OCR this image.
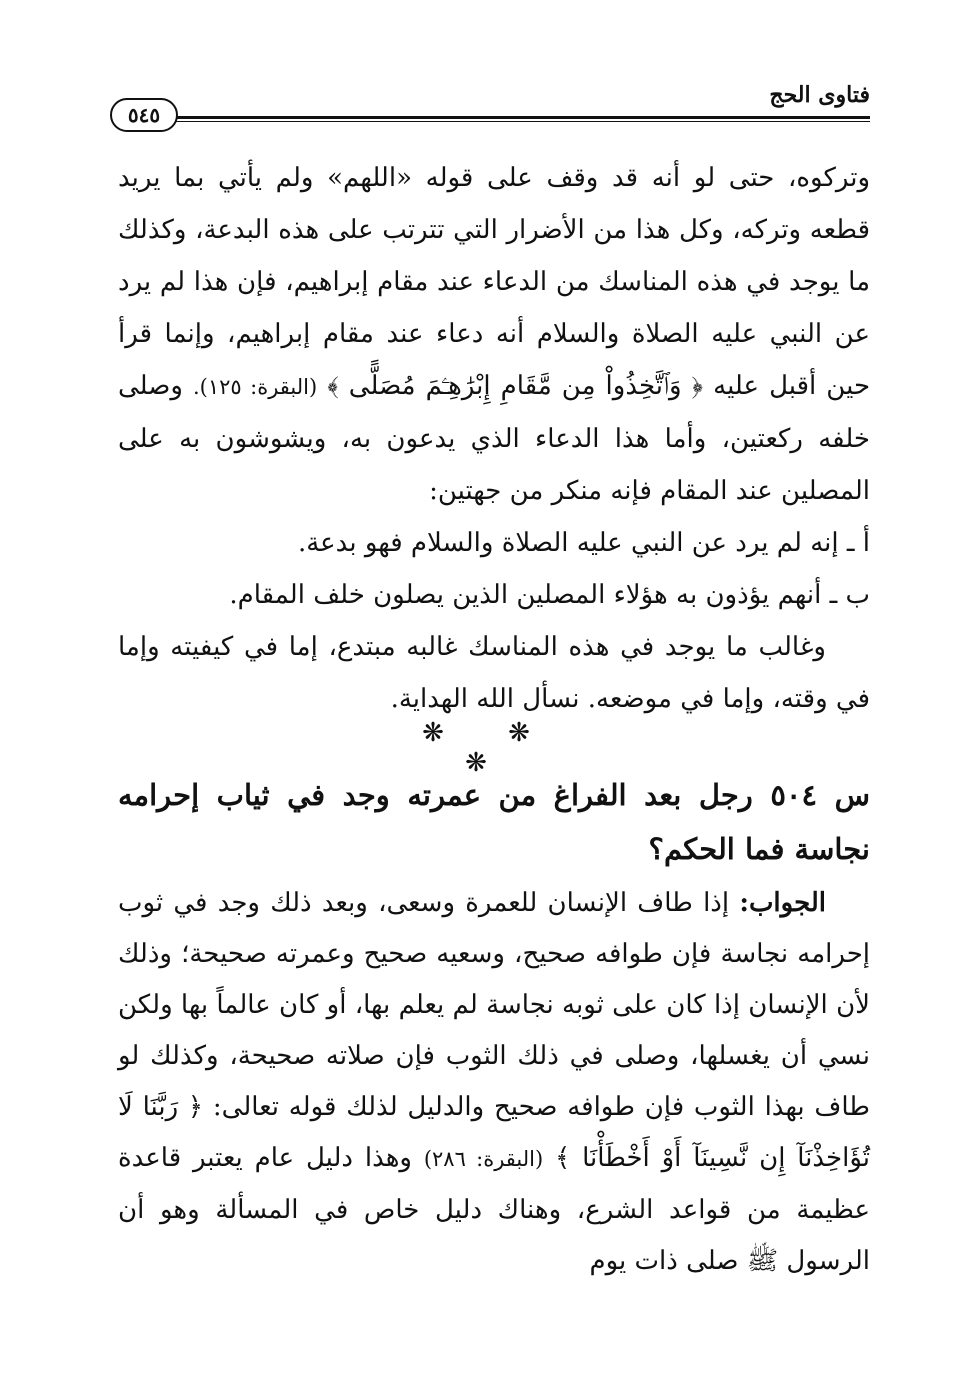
فتاوى الحج
٥٤٥

وتركوه، حتى لو أنه قد وقف على قوله «اللهم» ولم يأتي بما يريد قطعه وتركه، وكل هذا من الأضرار التي تترتب على هذه البدعة، وكذلك ما يوجد في هذه المناسك من الدعاء عند مقام إبراهيم، فإن هذا لم يرد عن النبي عليه الصلاة والسلام أنه دعاء عند مقام إبراهيم، وإنما قرأ حين أقبل عليه ﴿ وَٱتَّخِذُواْ مِن مَّقَامِ إِبْرَٰهِـۧمَ مُصَلًّى ﴾ (البقرة: ١٢٥). وصلى خلفه ركعتين، وأما هذا الدعاء الذي يدعون به، ويشوشون به على المصلين عند المقام فإنه منكر من جهتين:

أ ـ إنه لم يرد عن النبي عليه الصلاة والسلام فهو بدعة.

ب ـ أنهم يؤذون به هؤلاء المصلين الذين يصلون خلف المقام.

وغالب ما يوجد في هذه المناسك غالبه مبتدع، إما في كيفيته وإما في وقته، وإما في موضعه. نسأل الله الهداية.

❋ ❋ ❋
س ٥٠٤ رجل بعد الفراغ من عمرته وجد في ثياب إحرامه نجاسة فما الحكم؟

الجواب: إذا طاف الإنسان للعمرة وسعى، وبعد ذلك وجد في ثوب إحرامه نجاسة فإن طوافه صحيح، وسعيه صحيح وعمرته صحيحة؛ وذلك لأن الإنسان إذا كان على ثوبه نجاسة لم يعلم بها، أو كان عالماً بها ولكن نسي أن يغسلها، وصلى في ذلك الثوب فإن صلاته صحيحة، وكذلك لو طاف بهذا الثوب فإن طوافه صحيح والدليل لذلك قوله تعالى: ﴿ رَبَّنَا لَا تُؤَاخِذْنَآ إِن نَّسِينَآ أَوْ أَخْطَأْنَا ﴾ (البقرة: ٢٨٦) وهذا دليل عام يعتبر قاعدة عظيمة من قواعد الشرع، وهناك دليل خاص في المسألة وهو أن الرسول ﷺ صلى ذات يوم
